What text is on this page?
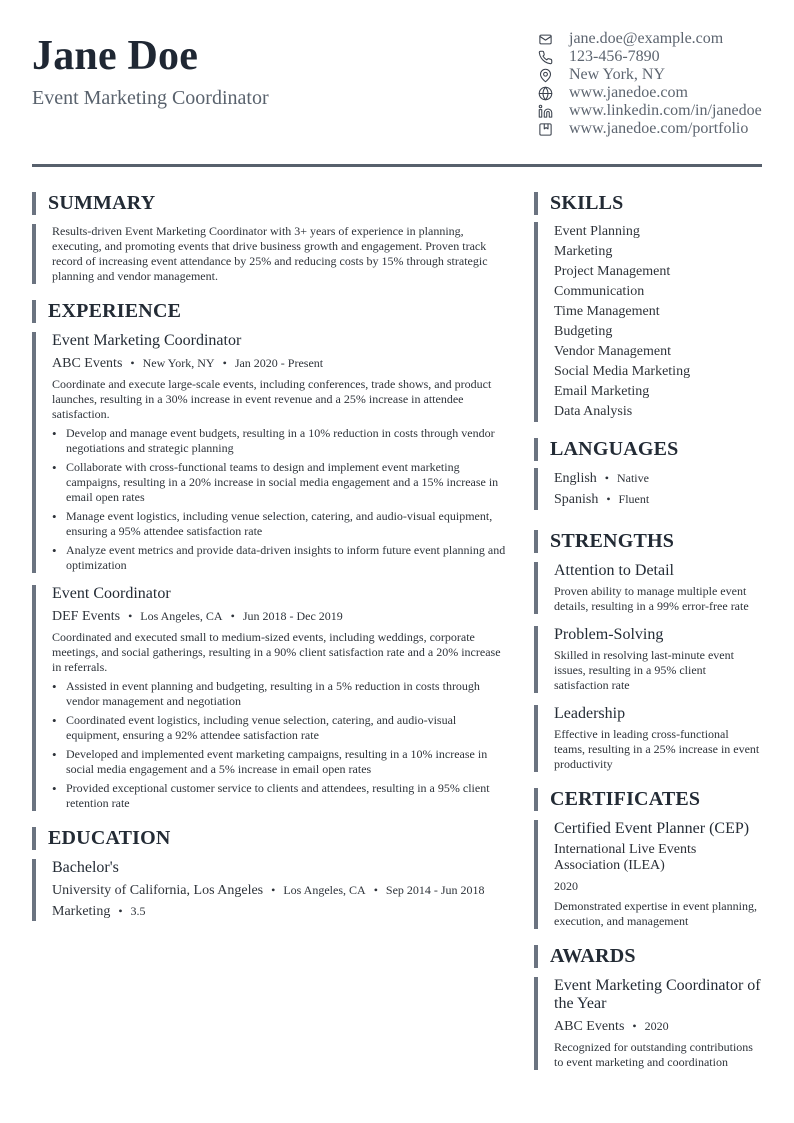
Jane Doe
Event Marketing Coordinator
jane.doe@example.com
123-456-7890
New York, NY
www.janedoe.com
www.linkedin.com/in/janedoe
www.janedoe.com/portfolio
SUMMARY
Results-driven Event Marketing Coordinator with 3+ years of experience in planning, executing, and promoting events that drive business growth and engagement. Proven track record of increasing event attendance by 25% and reducing costs by 15% through strategic planning and vendor management.
EXPERIENCE
Event Marketing Coordinator
ABC Events • New York, NY • Jan 2020 - Present
Coordinate and execute large-scale events, including conferences, trade shows, and product launches, resulting in a 30% increase in event revenue and a 25% increase in attendee satisfaction.
• Develop and manage event budgets, resulting in a 10% reduction in costs through vendor negotiations and strategic planning
• Collaborate with cross-functional teams to design and implement event marketing campaigns, resulting in a 20% increase in social media engagement and a 15% increase in email open rates
• Manage event logistics, including venue selection, catering, and audio-visual equipment, ensuring a 95% attendee satisfaction rate
• Analyze event metrics and provide data-driven insights to inform future event planning and optimization
Event Coordinator
DEF Events • Los Angeles, CA • Jun 2018 - Dec 2019
Coordinated and executed small to medium-sized events, including weddings, corporate meetings, and social gatherings, resulting in a 90% client satisfaction rate and a 20% increase in referrals.
• Assisted in event planning and budgeting, resulting in a 5% reduction in costs through vendor management and negotiation
• Coordinated event logistics, including venue selection, catering, and audio-visual equipment, ensuring a 92% attendee satisfaction rate
• Developed and implemented event marketing campaigns, resulting in a 10% increase in social media engagement and a 5% increase in email open rates
• Provided exceptional customer service to clients and attendees, resulting in a 95% client retention rate
EDUCATION
Bachelor's
University of California, Los Angeles • Los Angeles, CA • Sep 2014 - Jun 2018
Marketing • 3.5
SKILLS
Event Planning
Marketing
Project Management
Communication
Time Management
Budgeting
Vendor Management
Social Media Marketing
Email Marketing
Data Analysis
LANGUAGES
English • Native
Spanish • Fluent
STRENGTHS
Attention to Detail
Proven ability to manage multiple event details, resulting in a 99% error-free rate
Problem-Solving
Skilled in resolving last-minute event issues, resulting in a 95% client satisfaction rate
Leadership
Effective in leading cross-functional teams, resulting in a 25% increase in event productivity
CERTIFICATES
Certified Event Planner (CEP)
International Live Events Association (ILEA)
2020
Demonstrated expertise in event planning, execution, and management
AWARDS
Event Marketing Coordinator of the Year
ABC Events • 2020
Recognized for outstanding contributions to event marketing and coordination
